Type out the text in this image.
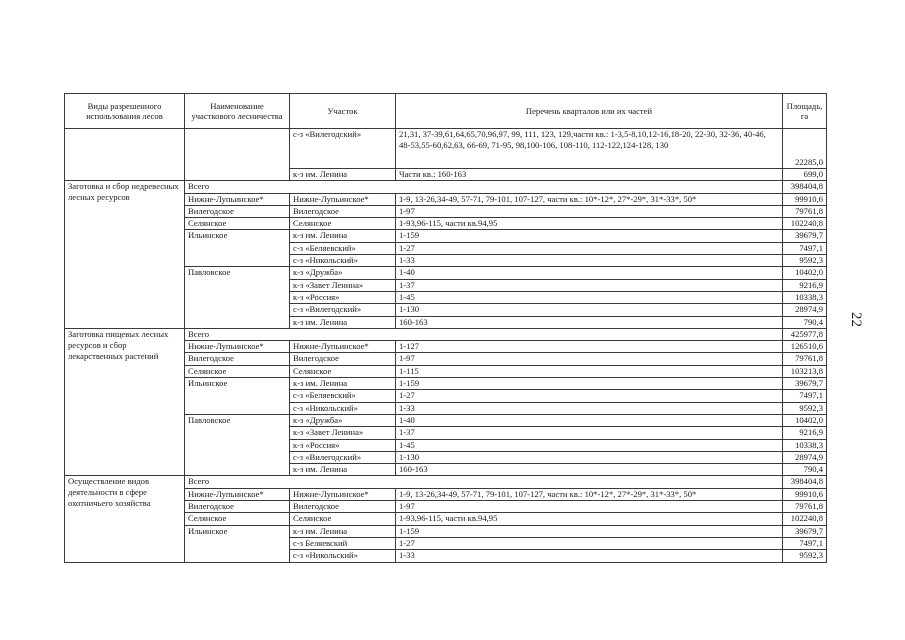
Виды разрешенного использования лесов	Наименование участкового лесничества	Участок	Перечень кварталов или их частей	Площадь, га
		с-з «Вилегодский»	21,31, 37-39,61,64,65,70,96,97, 99, 111, 123, 129,части кв.: 1-3,5-8,10,12-16,18-20, 22-30, 32-36, 40-46, 48-53,55-60,62,63, 66-69, 71-95, 98,100-106, 108-110, 112-122,124-128, 130	22285,0
		к-з им. Ленина	Части кв.: 160-163	699,0
Заготовка и сбор недревесных лесных ресурсов	Всего			398404,8
	Нижне-Лупьинское*	Нижне-Лупьинское*	1-9, 13-26,34-49, 57-71, 79-101, 107-127, части кв.: 10*-12*, 27*-29*, 31*-33*, 50*	99910,6
	Вилегодское	Вилегодское	1-97	79761,8
	Селянское	Селянское	1-93,96-115, части кв.94,95	102240,8
	Ильинское	к-з им. Ленина	1-159	39679,7
		с-з «Беляевский»	1-27	7497,1
		с-з «Никольский»	1-33	9592,3
	Павловское	к-з «Дружба»	1-40	10402,0
		к-з «Завет Ленина»	1-37	9216,9
		к-з «Россия»	1-45	10338,3
		с-з «Вилегодский»	1-130	28974,9
		к-з им. Ленина	160-163	790,4
Заготовка пищевых лесных ресурсов и сбор лекарственных растений	Всего			425977,8
	Нижне-Лупьинское*	Нижне-Лупьинское*	1-127	126510,6
	Вилегодское	Вилегодское	1-97	79761,8
	Селянское	Селянское	1-115	103213,8
	Ильинское	к-з им. Ленина	1-159	39679,7
		с-з «Беляевский»	1-27	7497,1
		с-з «Никольский»	1-33	9592,3
	Павловское	к-з «Дружба»	1-40	10402,0
		к-з «Завет Ленина»	1-37	9216,9
		к-з «Россия»	1-45	10338,3
		с-з «Вилегодский»	1-130	28974,9
		к-з им. Ленина	160-163	790,4
Осуществление видов деятельности в сфере охотничьего хозяйства	Всего			398404,8
	Нижне-Лупьинское*	Нижне-Лупьинское*	1-9, 13-26,34-49, 57-71, 79-101, 107-127, части кв.: 10*-12*, 27*-29*, 31*-33*, 50*	99910,6
	Вилегодское	Вилегодское	1-97	79761,8
	Селянское	Селянское	1-93,96-115, части кв.94,95	102240,8
	Ильинское	к-з им. Ленина	1-159	39679,7
		с-з Беляевский	1-27	7497,1
		с-з «Никольский»	1-33	9592,3
22
